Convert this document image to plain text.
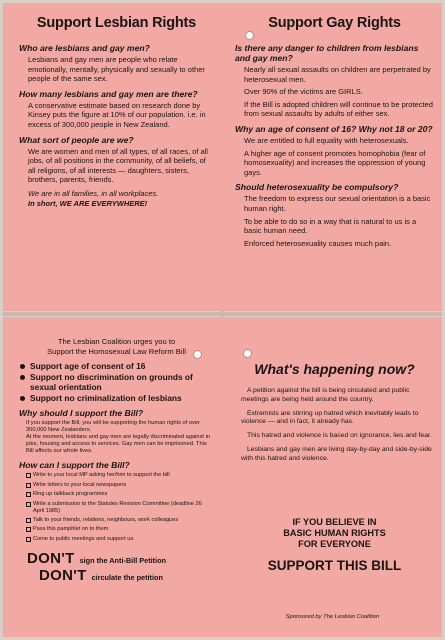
Support Lesbian Rights
Who are lesbians and gay men?
Lesbians and gay men are people who relate emotionally, mentally, physically and sexually to other people of the same sex.
How many lesbians and gay men are there?
A conservative estimate based on research done by Kinsey puts the figure at 10% of our population. i.e. in excess of 300,000 people in New Zealand.
What sort of people are we?
We are women and men of all types, of all races, of all jobs, of all positions in the community, of all beliefs, of all religions, of all interests — daughters, sisters, brothers, parents, friends.
We are in all families, in all workplaces.
In short, WE ARE EVERYWHERE!
Support Gay Rights
Is there any danger to children from lesbians and gay men?
Nearly all sexual assaults on children are perpetrated by heterosexual men.
Over 90% of the victims are GIRLS.
If the Bill is adopted children will continue to be protected from sexual assaults by adults of either sex.
Why an age of consent of 16? Why not 18 or 20?
We are entitled to full equality with heterosexuals.
A higher age of consent promotes homophobia (fear of homosexuality) and increases the oppression of young gays.
Should heterosexuality be compulsory?
The freedom to express our sexual orientation is a basic human right.
To be able to do so in a way that is natural to us is a basic human need.
Enforced heterosexuality causes much pain.
The Lesbian Coalition urges you to
Support the Homosexual Law Reform Bill
Support age of consent of 16
Support no discrimination on grounds of sexual orientation
Support no criminalization of lesbians
Why should I support the Bill?
If you support the Bill, you will be supporting the human rights of over 300,000 New Zealanders.
At the moment, lesbians and gay men are legally discriminated against in jobs, housing and access to services. Gay men can be imprisoned. This Bill affects our whole lives.
How can I support the Bill?
Write to your local MP asking her/him to support the bill
Write letters to your local newspapers
Ring up talkback programmes
Write a submission to the Statutes Revision Committee (deadline 26 April 1985)
Talk to your friends, relations, neighbours, work colleagues
Pass this pamphlet on to them
Come to public meetings and support us.
DON'T sign the Anti-Bill Petition
DON'T circulate the petition
What's happening now?
A petition against the bill is being circulated and public meetings are being held around the country.
Extremists are stirring up hatred which inevitably leads to violence — and in fact, it already has.
This hatred and violence is based on ignorance, lies and fear.
Lesbians and gay men are living day-by-day and side-by-side with this hatred and violence.
IF YOU BELIEVE IN
BASIC HUMAN RIGHTS
FOR EVERYONE
SUPPORT THIS BILL
Sponsored by The Lesbian Coalition
